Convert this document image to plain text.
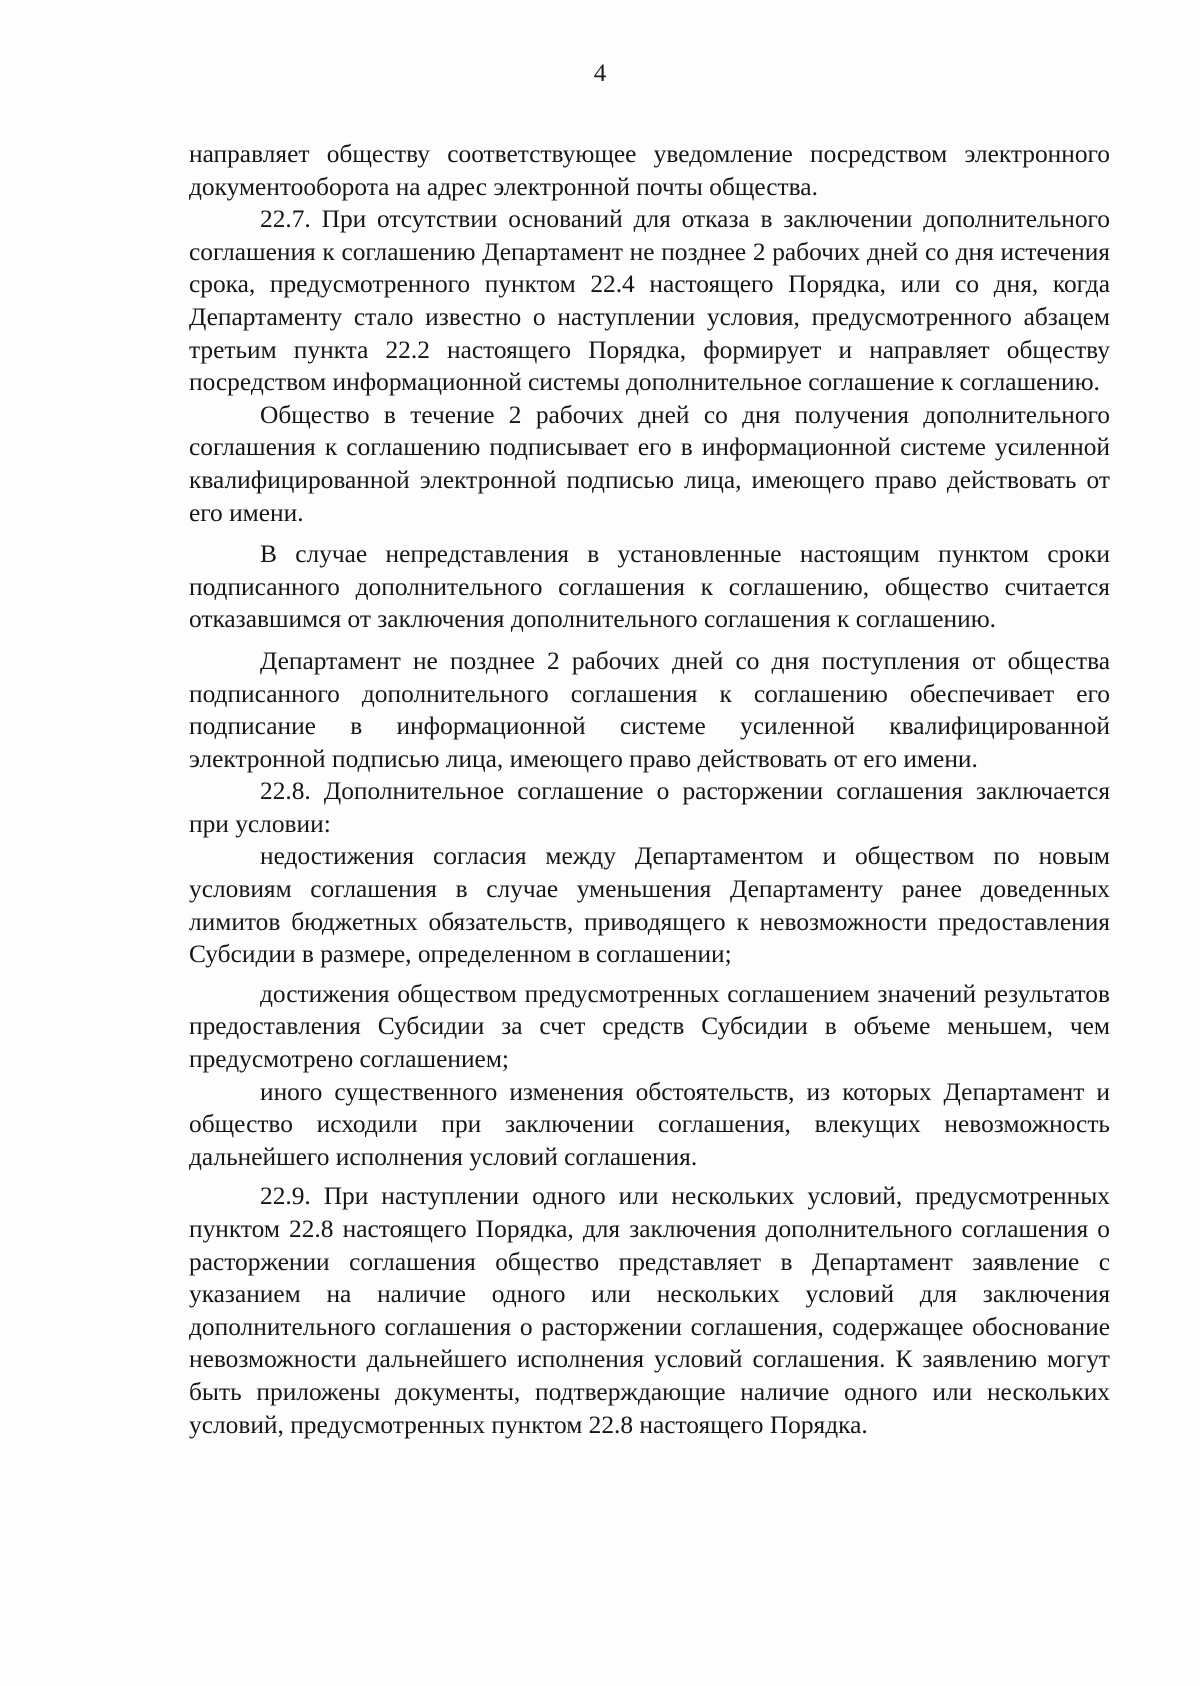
4

направляет обществу соответствующее уведомление посредством электронного документооборота на адрес электронной почты общества.

22.7. При отсутствии оснований для отказа в заключении дополнительного соглашения к соглашению Департамент не позднее 2 рабочих дней со дня истечения срока, предусмотренного пунктом 22.4 настоящего Порядка, или со дня, когда Департаменту стало известно о наступлении условия, предусмотренного абзацем третьим пункта 22.2 настоящего Порядка, формирует и направляет обществу посредством информационной системы дополнительное соглашение к соглашению.

Общество в течение 2 рабочих дней со дня получения дополнительного соглашения к соглашению подписывает его в информационной системе усиленной квалифицированной электронной подписью лица, имеющего право действовать от его имени.

В случае непредставления в установленные настоящим пунктом сроки подписанного дополнительного соглашения к соглашению, общество считается отказавшимся от заключения дополнительного соглашения к соглашению.

Департамент не позднее 2 рабочих дней со дня поступления от общества подписанного дополнительного соглашения к соглашению обеспечивает его подписание в информационной системе усиленной квалифицированной электронной подписью лица, имеющего право действовать от его имени.

22.8. Дополнительное соглашение о расторжении соглашения заключается при условии:

недостижения согласия между Департаментом и обществом по новым условиям соглашения в случае уменьшения Департаменту ранее доведенных лимитов бюджетных обязательств, приводящего к невозможности предоставления Субсидии в размере, определенном в соглашении;

достижения обществом предусмотренных соглашением значений результатов предоставления Субсидии за счет средств Субсидии в объеме меньшем, чем предусмотрено соглашением;

иного существенного изменения обстоятельств, из которых Департамент и общество исходили при заключении соглашения, влекущих невозможность дальнейшего исполнения условий соглашения.

22.9. При наступлении одного или нескольких условий, предусмотренных пунктом 22.8 настоящего Порядка, для заключения дополнительного соглашения о расторжении соглашения общество представляет в Департамент заявление с указанием на наличие одного или нескольких условий для заключения дополнительного соглашения о расторжении соглашения, содержащее обоснование невозможности дальнейшего исполнения условий соглашения. К заявлению могут быть приложены документы, подтверждающие наличие одного или нескольких условий, предусмотренных пунктом 22.8 настоящего Порядка.
